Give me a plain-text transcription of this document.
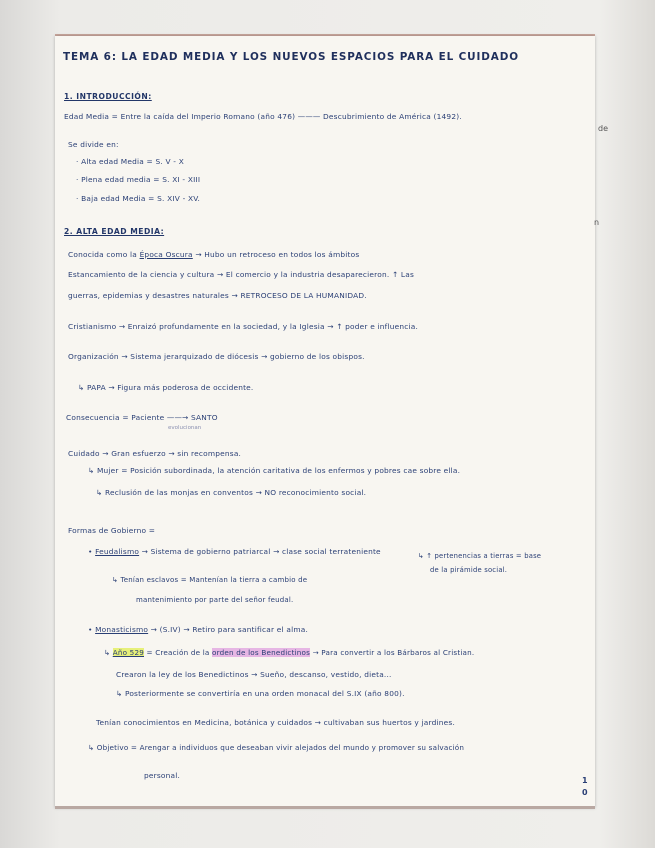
de
n
TEMA 6: LA EDAD MEDIA Y LOS NUEVOS ESPACIOS PARA EL CUIDADO
1. INTRODUCCIÓN:
Edad Media = Entre la caída del Imperio Romano (año 476) ——— Descubrimiento de América (1492).
Se divide en:
· Alta edad Media = S. V - X
· Plena edad media = S. XI - XIII
· Baja edad Media = S. XIV - XV.
2. ALTA EDAD MEDIA:
Conocida como la Época Oscura → Hubo un retroceso en todos los ámbitos
Estancamiento de la ciencia y cultura → El comercio y la industria desaparecieron. ↑ Las
guerras, epidemias y desastres naturales → RETROCESO DE LA HUMANIDAD.
Cristianismo → Enraizó profundamente en la sociedad, y la Iglesia → ↑ poder e influencia.
Organización → Sistema jerarquizado de diócesis → gobierno de los obispos.
↳ PAPA → Figura más poderosa de occidente.
Consecuencia = Paciente ——→ SANTO
evolucionan
Cuidado → Gran esfuerzo → sin recompensa.
↳ Mujer = Posición subordinada, la atención caritativa de los enfermos y pobres cae sobre ella.
↳ Reclusión de las monjas en conventos → NO reconocimiento social.
Formas de Gobierno =
• Feudalismo → Sistema de gobierno patriarcal → clase social terrateniente	↳ ↑ pertenencias a tierras = base
de la pirámide social.
↳ Tenían esclavos = Mantenían la tierra a cambio de
mantenimiento por parte del señor feudal.
• Monasticismo → (S.IV) → Retiro para santificar el alma.
↳ Año 529 = Creación de la orden de los Benedictinos → Para convertir a los Bárbaros al Cristian.
Crearon la ley de los Benedictinos → Sueño, descanso, vestido, dieta...
↳ Posteriormente se convertiría en una orden monacal del S.IX (año 800).
Tenían conocimientos en Medicina, botánica y cuidados → cultivaban sus huertos y jardines.
↳ Objetivo = Arengar a individuos que deseaban vivir alejados del mundo y promover su salvación
personal.
1
0
